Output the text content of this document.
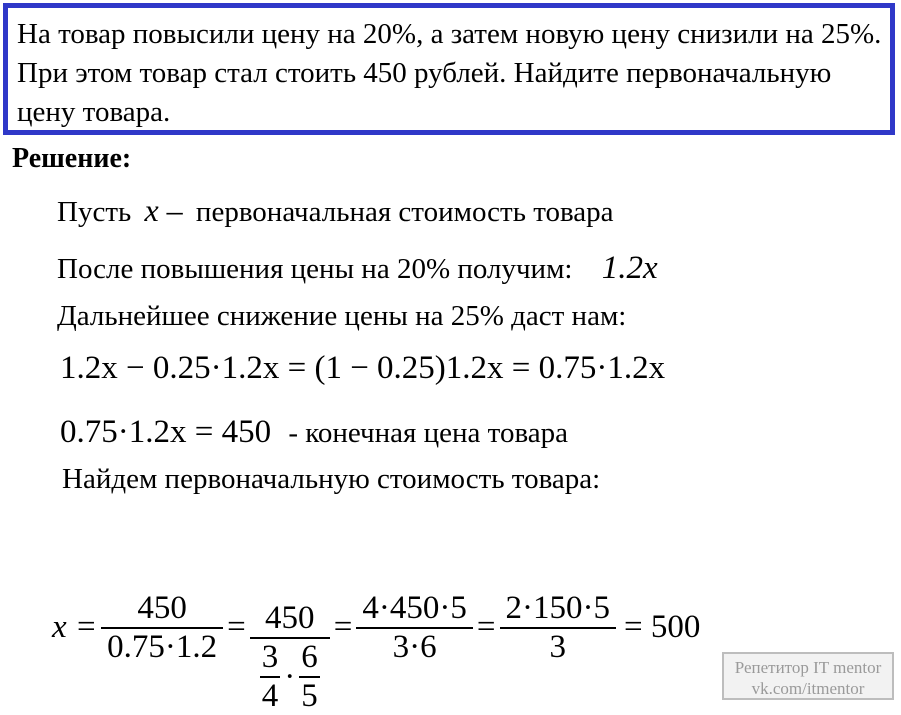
На товар повысили цену на 20%, а затем новую цену снизили на 25%. При этом товар стал стоить 450 рублей. Найдите первоначальную цену товара.
Решение:
Пусть x – первоначальная стоимость товара
После повышения цены на 20% получим: 1.2x
Дальнейшее снижение цены на 25% даст нам:
1.2x − 0.25·1.2x = (1 − 0.25)1.2x = 0.75·1.2x
0.75·1.2x = 450 - конечная цена товара
Найдем первоначальную стоимость товара:
$x = \frac{450}{0.75\cdot 1.2} = \frac{450}{\frac{3}{4} \cdot \frac{6}{5}} = \frac{4\cdot 450\cdot 5}{3\cdot 6} = \frac{2\cdot 150\cdot 5}{3} = 500$
Репетитор IT mentor
vk.com/itmentor
